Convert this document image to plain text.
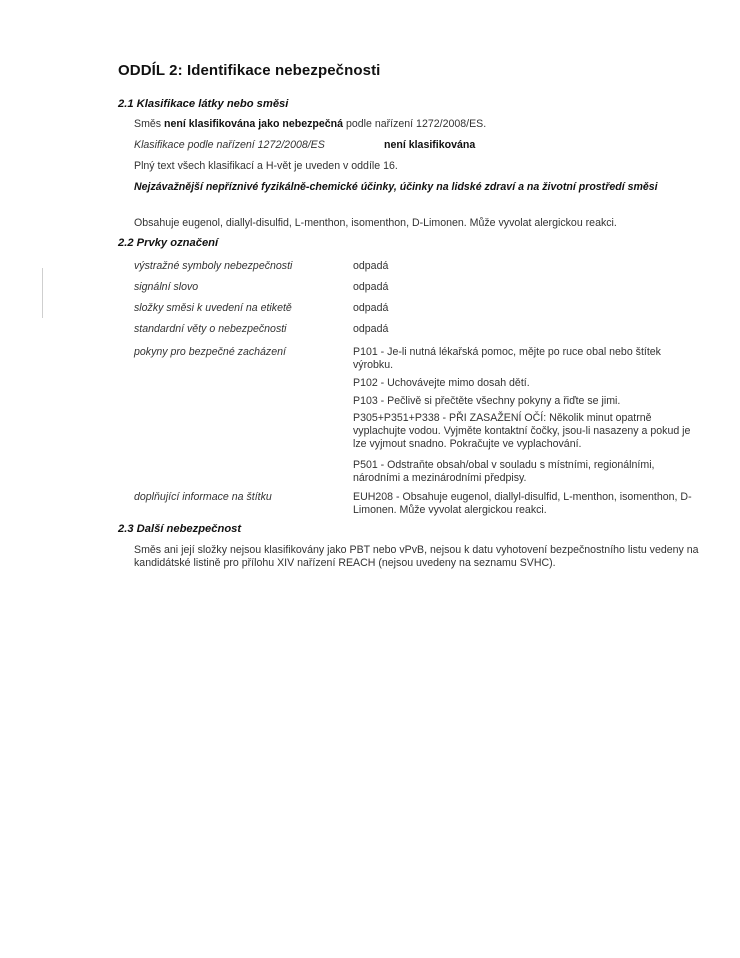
ODDÍL 2: Identifikace nebezpečnosti
2.1 Klasifikace látky nebo směsi
Směs není klasifikována jako nebezpečná podle nařízení 1272/2008/ES.
Klasifikace podle nařízení 1272/2008/ES	není klasifikována
Plný text všech klasifikací a H-vět je uveden v oddíle 16.
Nejzávažnější nepříznivé fyzikálně-chemické účinky, účinky na lidské zdraví a na životní prostředí směsi
Obsahuje eugenol, diallyl-disulfid, L-menthon, isomenthon, D-Limonen. Může vyvolat alergickou reakci.
2.2 Prvky označení
výstražné symboly nebezpečnosti	odpadá
signální slovo	odpadá
složky směsi k uvedení na etiketě	odpadá
standardní věty o nebezpečnosti	odpadá
pokyny pro bezpečné zacházení	P101 - Je-li nutná lékařská pomoc, mějte po ruce obal nebo štítek výrobku.
P102 - Uchovávejte mimo dosah dětí.
P103 - Pečlivě si přečtěte všechny pokyny a řiďte se jimi.
P305+P351+P338 - PŘI ZASAŽENÍ OČÍ: Několik minut opatrně vyplachujte vodou. Vyjměte kontaktní čočky, jsou-li nasazeny a pokud je lze vyjmout snadno. Pokračujte ve vyplachování.
P501 - Odstraňte obsah/obal v souladu s místními, regionálními, národními a mezinárodními předpisy.
doplňující informace na štítku	EUH208 - Obsahuje eugenol, diallyl-disulfid, L-menthon, isomenthon, D-Limonen. Může vyvolat alergickou reakci.
2.3 Další nebezpečnost
Směs ani její složky nejsou klasifikovány jako PBT nebo vPvB, nejsou k datu vyhotovení bezpečnostního listu vedeny na kandidátské listině pro přílohu XIV nařízení REACH (nejsou uvedeny na seznamu SVHC).
